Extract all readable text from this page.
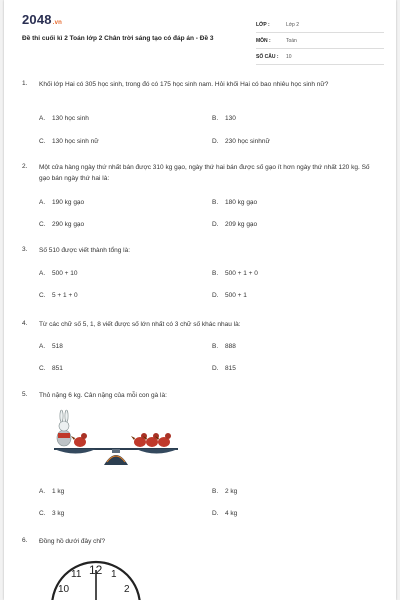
2048.vn
Đề thi cuối kì 2 Toán lớp 2 Chân trời sáng tạo có đáp án - Đề 3
LỚP :	Lớp 2
MÔN :	Toán
SỐ CÂU :	10
1. Khối lớp Hai có 305 học sinh, trong đó có 175 học sinh nam. Hỏi khối Hai có bao nhiêu học sinh nữ?
A. 130 học sinh	B. 130
C. 130 học sinh nữ	D. 230 học sinhnữ
2. Một cửa hàng ngày thứ nhất bán được 310 kg gạo, ngày thứ hai bán được số gạo ít hơn ngày thứ nhất 120 kg. Số gạo bán ngày thứ hai là:
A. 190 kg gạo	B. 180 kg gạo
C. 290 kg gạo	D. 209 kg gạo
3. Số 510 được viết thành tổng là:
A. 500 + 10	B. 500 + 1 + 0
C. 5 + 1 + 0	D. 500 + 1
4. Từ các chữ số 5, 1, 8 viết được số lớn nhất có 3 chữ số khác nhau là:
A. 518	B. 888
C. 851	D. 815
5. Thỏ nặng 6 kg. Cân nặng của mỗi con gà là:
A. 1 kg	B. 2 kg
C. 3 kg	D. 4 kg
6. Đồng hồ dưới đây chỉ?
11 12 1
10	2
